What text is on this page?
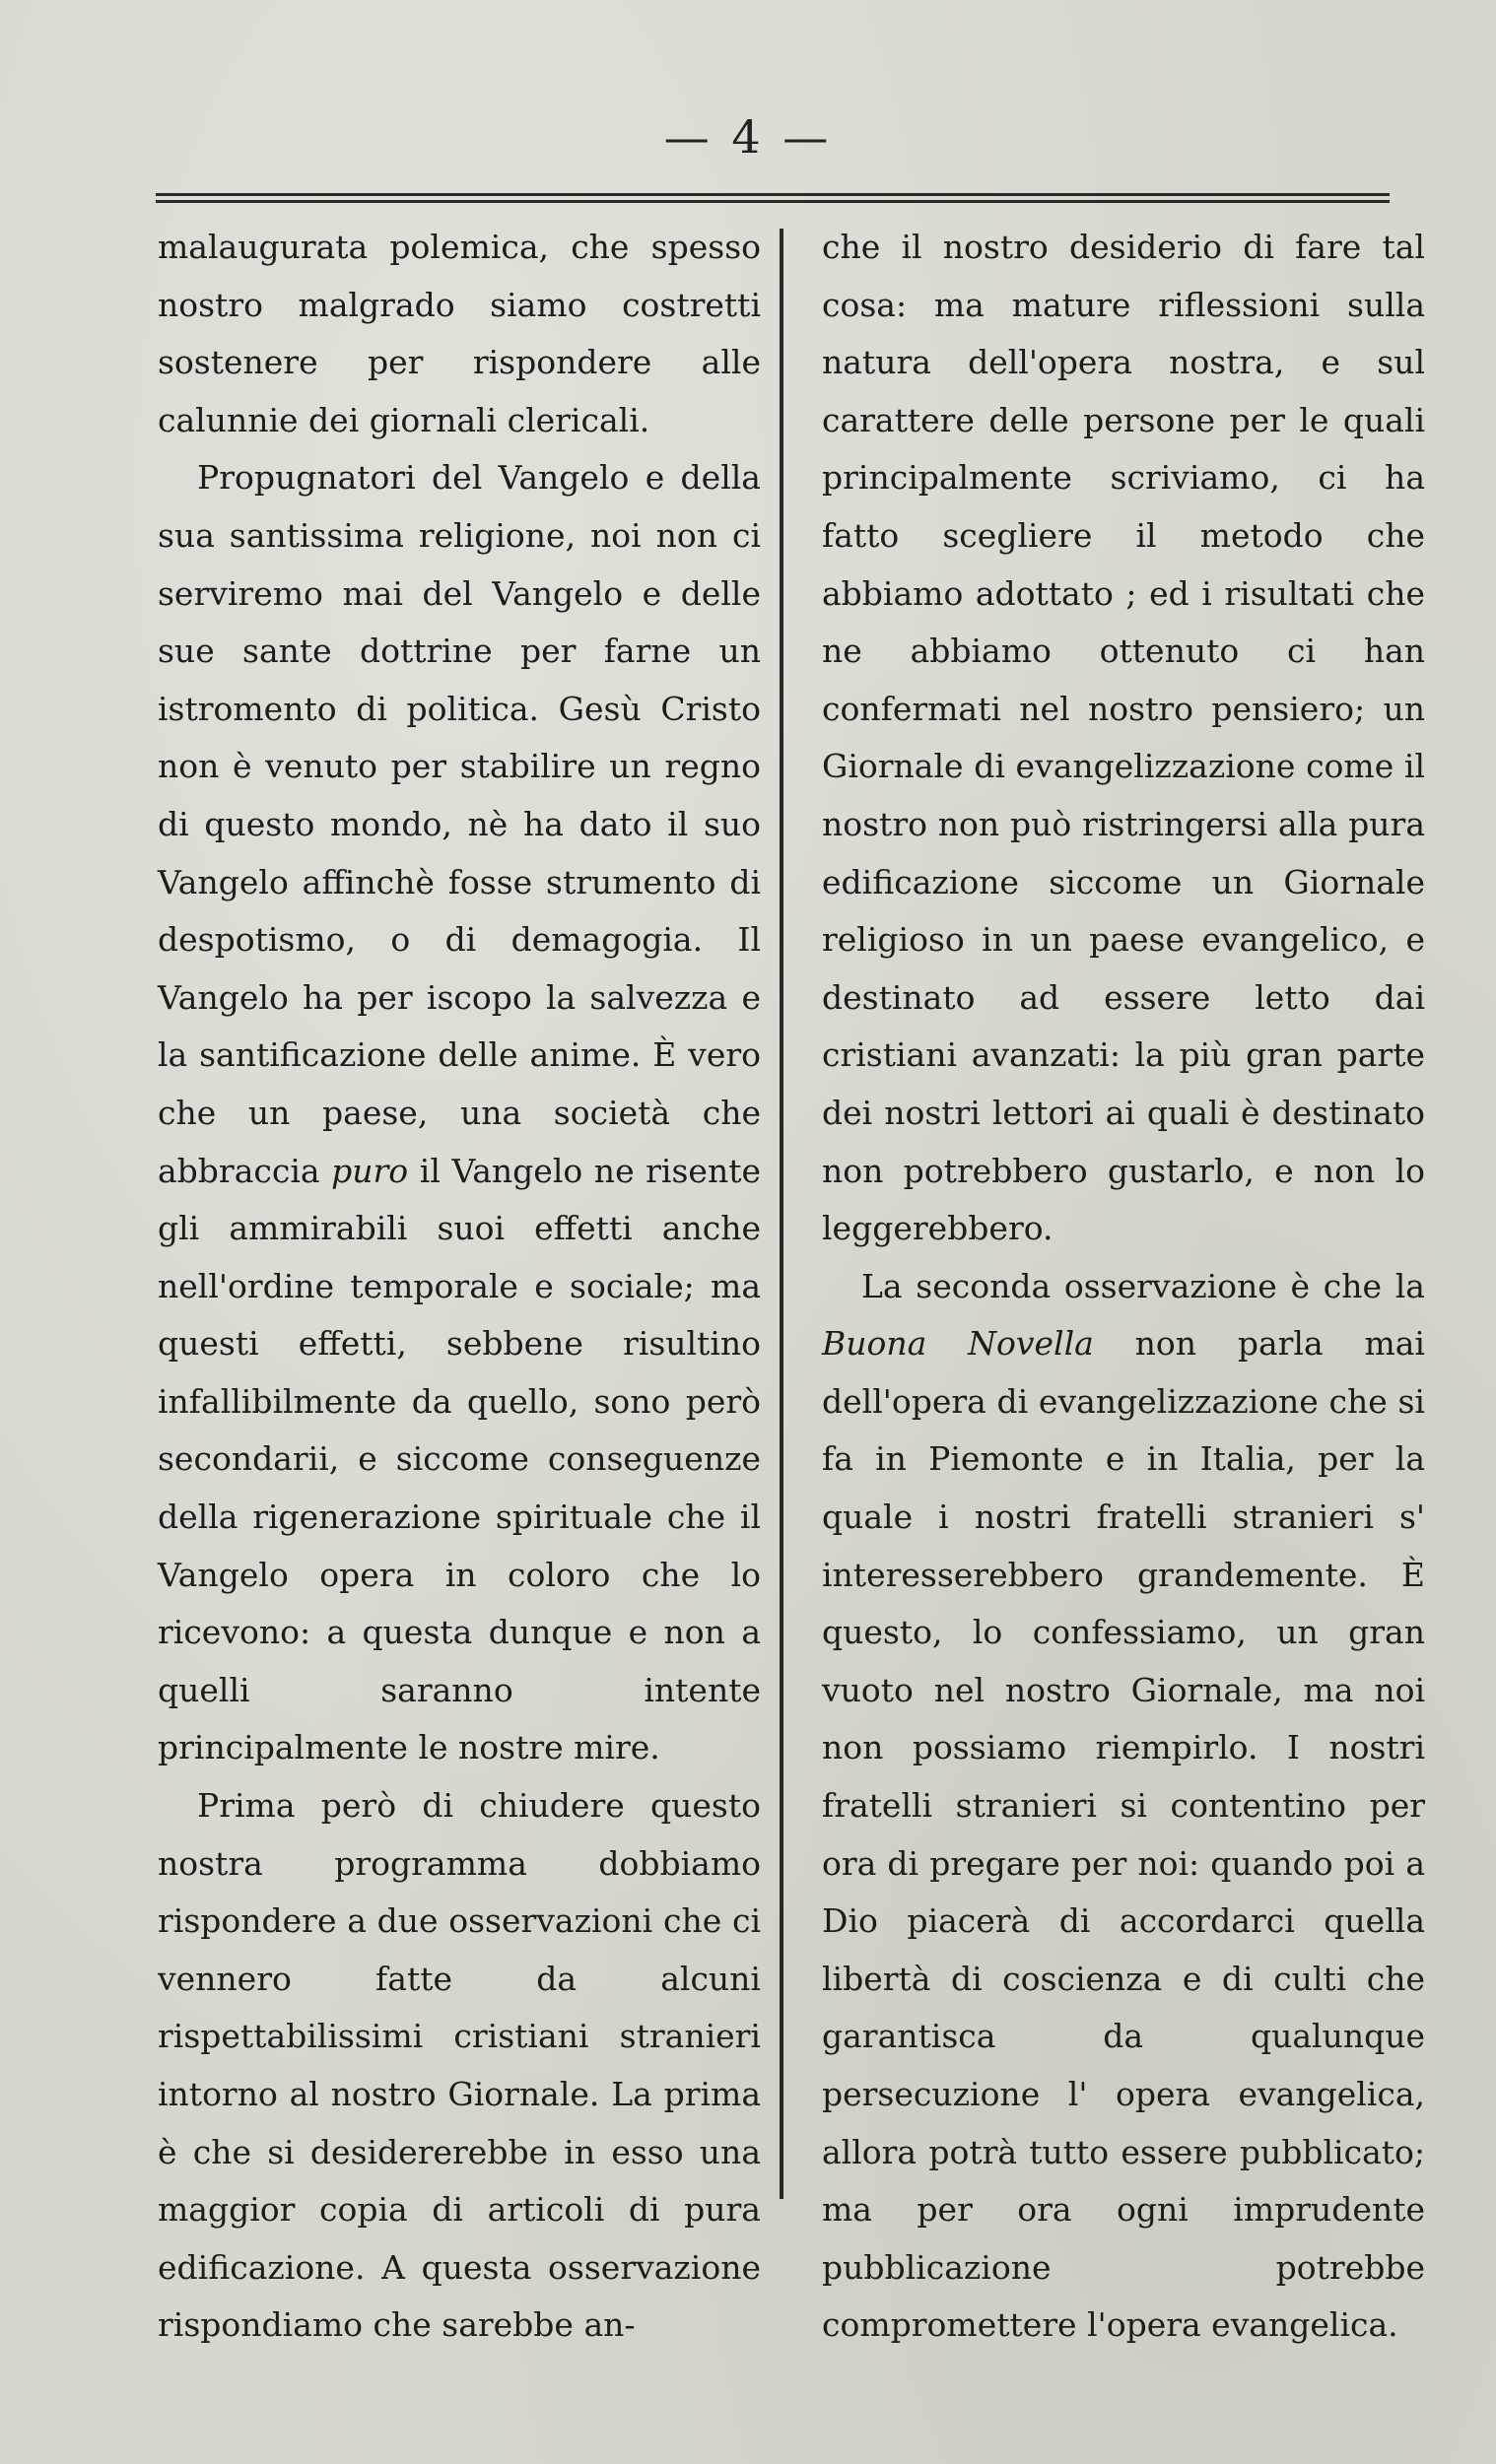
— 4 —

malaugurata polemica, che spesso nostro malgrado siamo costretti sostenere per rispondere alle calunnie dei giornali clericali.

Propugnatori del Vangelo e della sua santissima religione, noi non ci serviremo mai del Vangelo e delle sue sante dottrine per farne un istromento di politica. Gesù Cristo non è venuto per stabilire un regno di questo mondo, nè ha dato il suo Vangelo affinchè fosse strumento di despotismo, o di demagogia. Il Vangelo ha per iscopo la salvezza e la santificazione delle anime. È vero che un paese, una società che abbraccia puro il Vangelo ne risente gli ammirabili suoi effetti anche nell'ordine temporale e sociale; ma questi effetti, sebbene risultino infallibilmente da quello, sono però secondarii, e siccome conseguenze della rigenerazione spirituale che il Vangelo opera in coloro che lo ricevono: a questa dunque e non a quelli saranno intente principalmente le nostre mire.

Prima però di chiudere questo nostra programma dobbiamo rispondere a due osservazioni che ci vennero fatte da alcuni rispettabilissimi cristiani stranieri intorno al nostro Giornale. La prima è che si desidererebbe in esso una maggior copia di articoli di pura edificazione. A questa osservazione rispondiamo che sarebbe an-

che il nostro desiderio di fare tal cosa: ma mature riflessioni sulla natura dell'opera nostra, e sul carattere delle persone per le quali principalmente scriviamo, ci ha fatto scegliere il metodo che abbiamo adottato ; ed i risultati che ne abbiamo ottenuto ci han confermati nel nostro pensiero; un Giornale di evangelizzazione come il nostro non può ristringersi alla pura edificazione siccome un Giornale religioso in un paese evangelico, e destinato ad essere letto dai cristiani avanzati: la più gran parte dei nostri lettori ai quali è destinato non potrebbero gustarlo, e non lo leggerebbero.

La seconda osservazione è che la Buona Novella non parla mai dell'opera di evangelizzazione che si fa in Piemonte e in Italia, per la quale i nostri fratelli stranieri s' interesserebbero grandemente. È questo, lo confessiamo, un gran vuoto nel nostro Giornale, ma noi non possiamo riempirlo. I nostri fratelli stranieri si contentino per ora di pregare per noi: quando poi a Dio piacerà di accordarci quella libertà di coscienza e di culti che garantisca da qualunque persecuzione l' opera evangelica, allora potrà tutto essere pubblicato; ma per ora ogni imprudente pubblicazione potrebbe compromettere l'opera evangelica.
